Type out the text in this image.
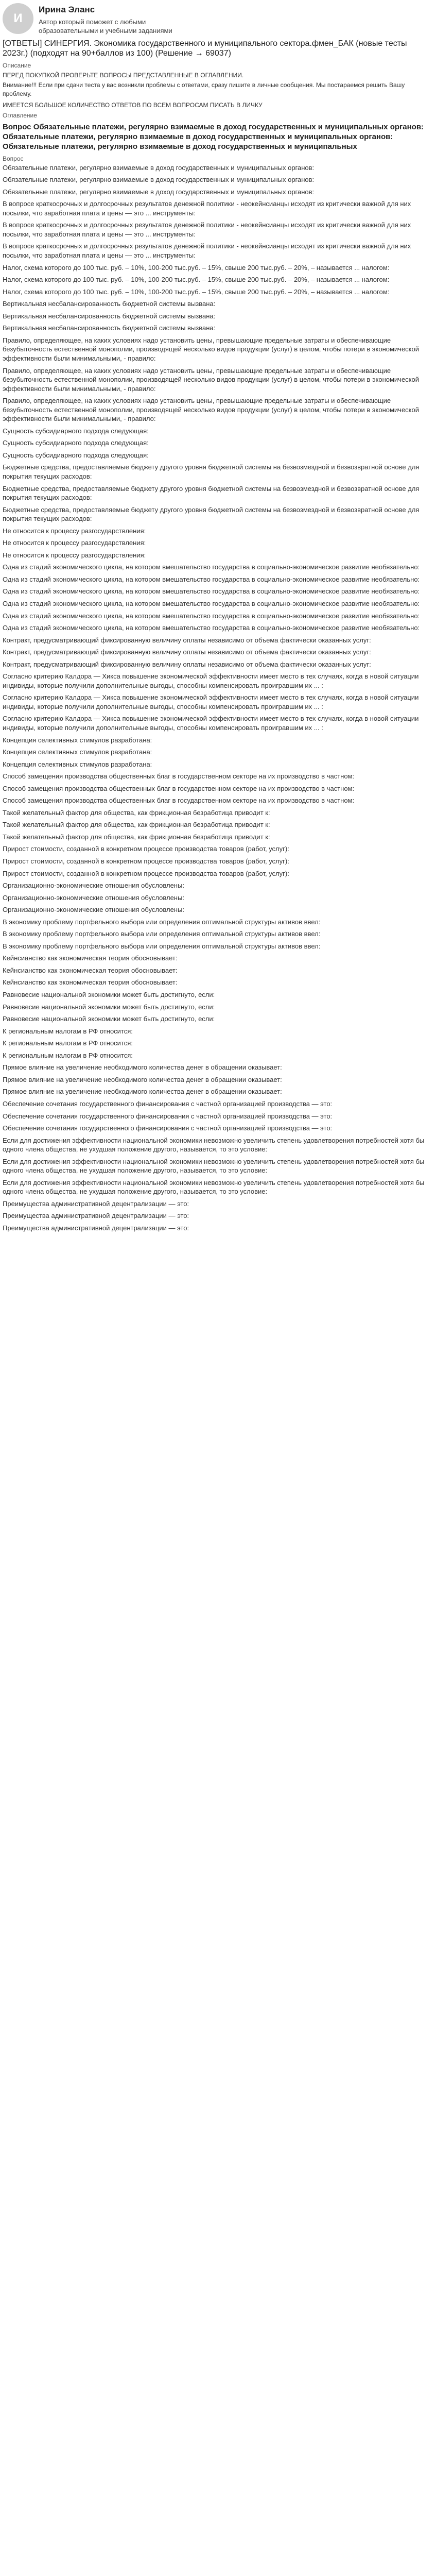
И
Ирина Эланс
Автор который поможет с любыми образовательными и учебными заданиями
[ОТВЕТЫ] СИНЕРГИЯ. Экономика государственного и муниципального сектора.фмен_БАК (новые тесты 2023г.) (подходят на 90+баллов из 100) (Решение → 69037)
Описание
ПЕРЕД ПОКУПКОЙ ПРОВЕРЬТЕ ВОПРОСЫ ПРЕДСТАВЛЕННЫЕ В ОГЛАВЛЕНИИ.
Внимание!!! Если при сдачи теста у вас возникли проблемы с ответами, сразу пишите в личные сообщения. Мы постараемся решить Вашу проблему.
ИМЕЕТСЯ БОЛЬШОЕ КОЛИЧЕСТВО ОТВЕТОВ ПО ВСЕМ ВОПРОСАМ ПИСАТЬ В ЛИЧКУ
Оглавление
Вопрос Обязательные платежи, регулярно взимаемые в доход государственных и муниципальных органов: Обязательные платежи, регулярно взимаемые в доход государственных и муниципальных органов: Обязательные платежи, регулярно взимаемые в доход государственных и муниципальных
Вопрос

Обязательные платежи, регулярно взимаемые в доход государственных и муниципальных органов:

Обязательные платежи, регулярно взимаемые в доход государственных и муниципальных органов:

Обязательные платежи, регулярно взимаемые в доход государственных и муниципальных органов:

В вопросе краткосрочных и долгосрочных результатов денежной политики - неокейнсианцы исходят из критически важной для них посылки, что заработная плата и цены — это ... инструменты:

В вопросе краткосрочных и долгосрочных результатов денежной политики - неокейнсианцы исходят из критически важной для них посылки, что заработная плата и цены — это ... инструменты:

В вопросе краткосрочных и долгосрочных результатов денежной политики - неокейнсианцы исходят из критически важной для них посылки, что заработная плата и цены — это ... инструменты:

Налог, схема которого до 100 тыс. руб. – 10%, 100-200 тыс.руб. – 15%, свыше 200 тыс.руб. – 20%, – называется ... налогом:

Налог, схема которого до 100 тыс. руб. – 10%, 100-200 тыс.руб. – 15%, свыше 200 тыс.руб. – 20%, – называется ... налогом:

Налог, схема которого до 100 тыс. руб. – 10%, 100-200 тыс.руб. – 15%, свыше 200 тыс.руб. – 20%, – называется ... налогом:

Вертикальная несбалансированность бюджетной системы вызвана:

Вертикальная несбалансированность бюджетной системы вызвана:

Вертикальная несбалансированность бюджетной системы вызвана:

Правило, определяющее, на каких условиях надо установить цены, превышающие предельные затраты и обеспечивающие безубыточность естественной монополии, производящей несколько видов продукции (услуг) в целом, чтобы потери в экономической эффективности были минимальными, - правило:

Правило, определяющее, на каких условиях надо установить цены, превышающие предельные затраты и обеспечивающие безубыточность естественной монополии, производящей несколько видов продукции (услуг) в целом, чтобы потери в экономической эффективности были минимальными, - правило:

Правило, определяющее, на каких условиях надо установить цены, превышающие предельные затраты и обеспечивающие безубыточность естественной монополии, производящей несколько видов продукции (услуг) в целом, чтобы потери в экономической эффективности были минимальными, - правило:

Сущность субсидиарного подхода следующая:

Сущность субсидиарного подхода следующая:

Сущность субсидиарного подхода следующая:

Бюджетные средства, предоставляемые бюджету другого уровня бюджетной системы на безвозмездной и безвозвратной основе для покрытия текущих расходов:

Бюджетные средства, предоставляемые бюджету другого уровня бюджетной системы на безвозмездной и безвозвратной основе для покрытия текущих расходов:

Бюджетные средства, предоставляемые бюджету другого уровня бюджетной системы на безвозмездной и безвозвратной основе для покрытия текущих расходов:

Не относится к процессу разгосударствления:

Не относится к процессу разгосударствления:

Не относится к процессу разгосударствления:

Одна из стадий экономического цикла, на котором вмешательство государства в социально-экономическое развитие необязательно:

Одна из стадий экономического цикла, на котором вмешательство государства в социально-экономическое развитие необязательно:

Одна из стадий экономического цикла, на котором вмешательство государства в социально-экономическое развитие необязательно:

Одна из стадий экономического цикла, на котором вмешательство государства в социально-экономическое развитие необязательно:

Одна из стадий экономического цикла, на котором вмешательство государства в социально-экономическое развитие необязательно:

Одна из стадий экономического цикла, на котором вмешательство государства в социально-экономическое развитие необязательно:

Контракт, предусматривающий фиксированную величину оплаты независимо от объема фактически оказанных услуг:

Контракт, предусматривающий фиксированную величину оплаты независимо от объема фактически оказанных услуг:

Контракт, предусматривающий фиксированную величину оплаты независимо от объема фактически оказанных услуг:

Согласно критерию Калдора — Хикса повышение экономической эффективности имеет место в тех случаях, когда в новой ситуации индивиды, которые получили дополнительные выгоды, способны компенсировать проигравшим их ... :

Согласно критерию Калдора — Хикса повышение экономической эффективности имеет место в тех случаях, когда в новой ситуации индивиды, которые получили дополнительные выгоды, способны компенсировать проигравшим их ... :

Согласно критерию Калдора — Хикса повышение экономической эффективности имеет место в тех случаях, когда в новой ситуации индивиды, которые получили дополнительные выгоды, способны компенсировать проигравшим их ... :

Концепция селективных стимулов разработана:

Концепция селективных стимулов разработана:

Концепция селективных стимулов разработана:

Способ замещения производства общественных благ в государственном секторе на их производство в частном:

Способ замещения производства общественных благ в государственном секторе на их производство в частном:

Способ замещения производства общественных благ в государственном секторе на их производство в частном:

Такой желательный фактор для общества, как фрикционная безработица приводит к:

Такой желательный фактор для общества, как фрикционная безработица приводит к:

Такой желательный фактор для общества, как фрикционная безработица приводит к:

Прирост стоимости, созданной в конкретном процессе производства товаров (работ, услуг):

Прирост стоимости, созданной в конкретном процессе производства товаров (работ, услуг):

Прирост стоимости, созданной в конкретном процессе производства товаров (работ, услуг):

Организационно-экономические отношения обусловлены:

Организационно-экономические отношения обусловлены:

Организационно-экономические отношения обусловлены:

В экономику проблему портфельного выбора или определения оптимальной структуры активов ввел:

В экономику проблему портфельного выбора или определения оптимальной структуры активов ввел:

В экономику проблему портфельного выбора или определения оптимальной структуры активов ввел:

Кейнсианство как экономическая теория обосновывает:

Кейнсианство как экономическая теория обосновывает:

Кейнсианство как экономическая теория обосновывает:

Равновесие национальной экономики может быть достигнуто, если:

Равновесие национальной экономики может быть достигнуто, если:

Равновесие национальной экономики может быть достигнуто, если:

К региональным налогам в РФ относится:

К региональным налогам в РФ относится:

К региональным налогам в РФ относится:

Прямое влияние на увеличение необходимого количества денег в обращении оказывает:

Прямое влияние на увеличение необходимого количества денег в обращении оказывает:

Прямое влияние на увеличение необходимого количества денег в обращении оказывает:

Обеспечение сочетания государственного финансирования с частной организацией производства — это:

Обеспечение сочетания государственного финансирования с частной организацией производства — это:

Обеспечение сочетания государственного финансирования с частной организацией производства — это:

Если для достижения эффективности национальной экономики невозможно увеличить степень удовлетворения потребностей хотя бы одного члена общества, не ухудшая положение другого, называется, то это условие:

Если для достижения эффективности национальной экономики невозможно увеличить степень удовлетворения потребностей хотя бы одного члена общества, не ухудшая положение другого, называется, то это условие:

Если для достижения эффективности национальной экономики невозможно увеличить степень удовлетворения потребностей хотя бы одного члена общества, не ухудшая положение другого, называется, то это условие:

Преимущества административной децентрализации — это:

Преимущества административной децентрализации — это:

Преимущества административной децентрализации — это:
